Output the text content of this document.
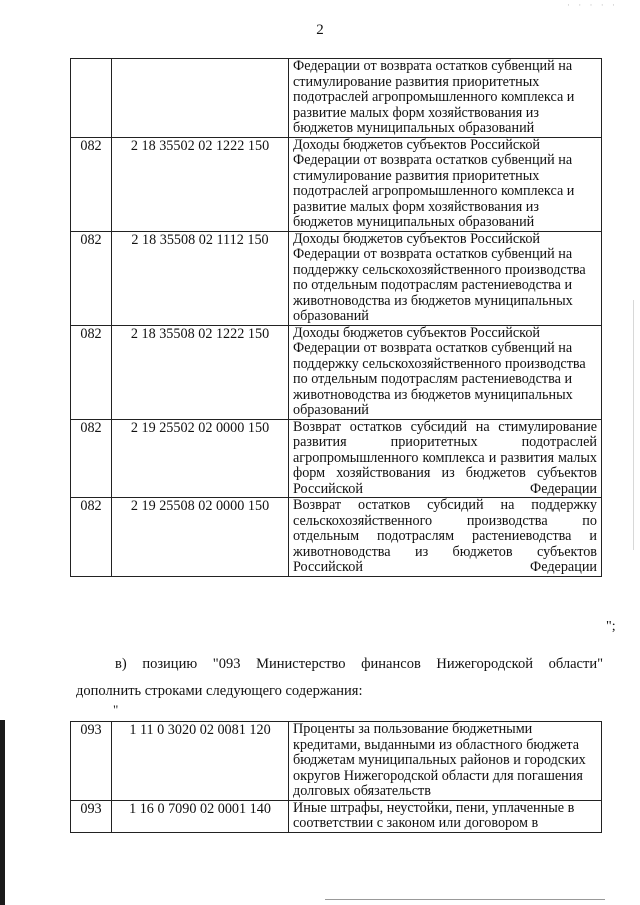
· · · · ·
2
		Федерации от возврата остатков субвенций на стимулирование развития приоритетных подотраслей агропромышленного комплекса и развитие малых форм хозяйствования из бюджетов муниципальных образований
082	2 18 35502 02 1222 150	Доходы бюджетов субъектов Российской Федерации от возврата остатков субвенций на стимулирование развития приоритетных подотраслей агропромышленного комплекса и развитие малых форм хозяйствования из бюджетов муниципальных образований
082	2 18 35508 02 1112 150	Доходы бюджетов субъектов Российской Федерации от возврата остатков субвенций на поддержку сельскохозяйственного производства по отдельным подотраслям растениеводства и животноводства из бюджетов муниципальных образований
082	2 18 35508 02 1222 150	Доходы бюджетов субъектов Российской Федерации от возврата остатков субвенций на поддержку сельскохозяйственного производства по отдельным подотраслям растениеводства и животноводства из бюджетов муниципальных образований
082	2 19 25502 02 0000 150	Возврат остатков субсидий на стимулирование развития приоритетных подотраслей агропромышленного комплекса и развития малых форм хозяйствования из бюджетов субъектов Российской Федерации
082	2 19 25508 02 0000 150	Возврат остатков субсидий на поддержку сельскохозяйственного производства по отдельным подотраслям растениеводства и животноводства из бюджетов субъектов Российской Федерации
";
в) позицию "093 Министерство финансов Нижегородской области"
дополнить строками следующего содержания:
"
093	1 11 0 3020 02 0081 120	Проценты за пользование бюджетными кредитами, выданными из областного бюджета бюджетам муниципальных районов и городских округов Нижегородской области для погашения долговых обязательств
093	1 16 0 7090 02 0001 140	Иные штрафы, неустойки, пени, уплаченные в соответствии с законом или договором в
